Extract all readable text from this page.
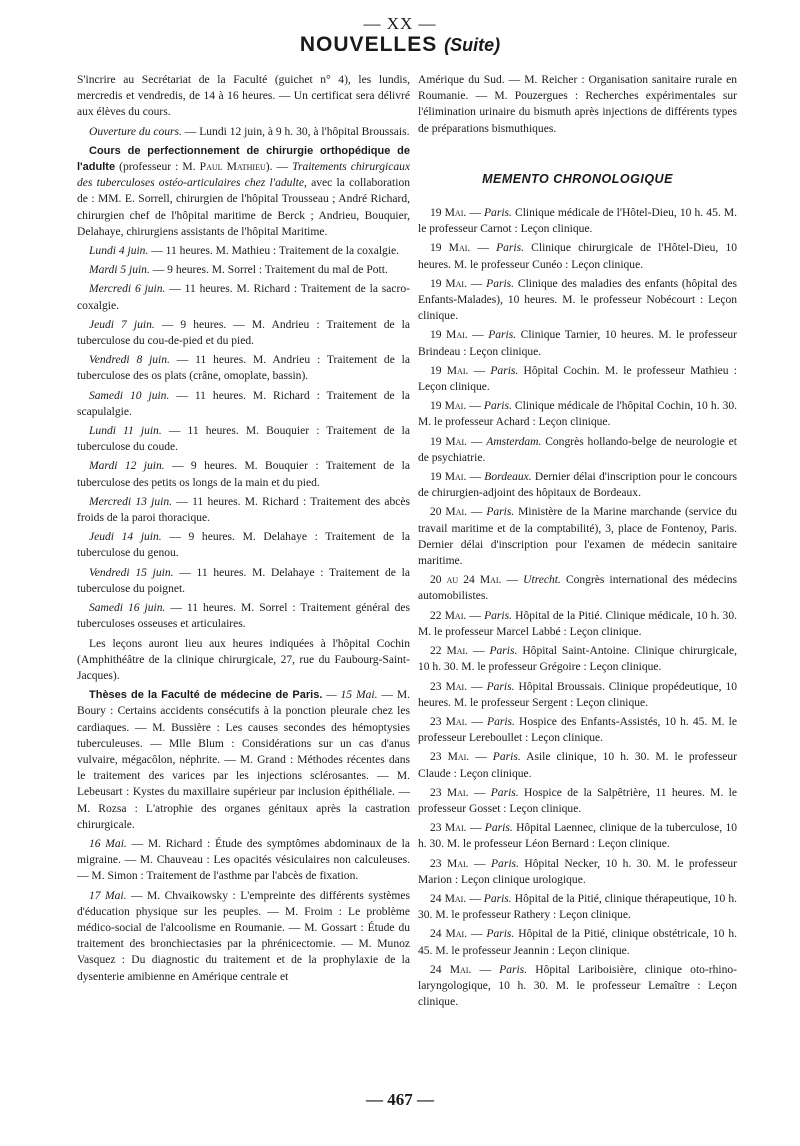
— XX —
NOUVELLES (Suite)

S'incrire au Secrétariat de la Faculté (guichet n° 4), les lundis, mercredis et vendredis, de 14 à 16 heures. — Un certificat sera délivré aux élèves du cours.

Ouverture du cours. — Lundi 12 juin, à 9 h. 30, à l'hôpital Broussais.

Cours de perfectionnement de chirurgie orthopédique de l'adulte (professeur : M. Paul Mathieu). — Traitements chirurgicaux des tuberculoses ostéo-articulaires chez l'adulte, avec la collaboration de : MM. E. Sorrell, chirurgien de l'hôpital Trousseau ; André Richard, chirurgien chef de l'hôpital maritime de Berck ; Andrieu, Bouquier, Delahaye, chirurgiens assistants de l'hôpital Maritime.

Lundi 4 juin. — 11 heures. M. Mathieu : Traitement de la coxalgie.

Mardi 5 juin. — 9 heures. M. Sorrel : Traitement du mal de Pott.

Mercredi 6 juin. — 11 heures. M. Richard : Traitement de la sacro-coxalgie.

Jeudi 7 juin. — 9 heures. — M. Andrieu : Traitement de la tuberculose du cou-de-pied et du pied.

Vendredi 8 juin. — 11 heures. M. Andrieu : Traitement de la tuberculose des os plats (crâne, omoplate, bassin).

Samedi 10 juin. — 11 heures. M. Richard : Traitement de la scapulalgie.

Lundi 11 juin. — 11 heures. M. Bouquier : Traitement de la tuberculose du coude.

Mardi 12 juin. — 9 heures. M. Bouquier : Traitement de la tuberculose des petits os longs de la main et du pied.

Mercredi 13 juin. — 11 heures. M. Richard : Traitement des abcès froids de la paroi thoracique.

Jeudi 14 juin. — 9 heures. M. Delahaye : Traitement de la tuberculose du genou.

Vendredi 15 juin. — 11 heures. M. Delahaye : Traitement de la tuberculose du poignet.

Samedi 16 juin. — 11 heures. M. Sorrel : Traitement général des tuberculoses osseuses et articulaires.

Les leçons auront lieu aux heures indiquées à l'hôpital Cochin (Amphithéâtre de la clinique chirurgicale, 27, rue du Faubourg-Saint-Jacques).

Thèses de la Faculté de médecine de Paris. — 15 Mai. — M. Boury : Certains accidents consécutifs à la ponction pleurale chez les cardiaques. — M. Bussière : Les causes secondes des hémoptysies tuberculeuses. — Mlle Blum : Considérations sur un cas d'anus vulvaire, mégacôlon, néphrite. — M. Grand : Méthodes récentes dans le traitement des varices par les injections sclérosantes. — M. Lebeusart : Kystes du maxillaire supérieur par inclusion épithéliale. — M. Rozsa : L'atrophie des organes génitaux après la castration chirurgicale.

16 Mai. — M. Richard : Étude des symptômes abdominaux de la migraine. — M. Chauveau : Les opacités vésiculaires non calculeuses. — M. Simon : Traitement de l'asthme par l'abcès de fixation.

17 Mai. — M. Chvaikowsky : L'empreinte des différents systèmes d'éducation physique sur les peuples. — M. Froim : Le problème médico-social de l'alcoolisme en Roumanie. — M. Gossart : Étude du traitement des bronchiectasies par la phrénicectomie. — M. Munoz Vasquez : Du diagnostic du traitement et de la prophylaxie de la dysenterie amibienne en Amérique centrale et

Amérique du Sud. — M. Reicher : Organisation sanitaire rurale en Roumanie. — M. Pouzergues : Recherches expérimentales sur l'élimination urinaire du bismuth après injections de différents types de préparations bismuthiques.

MEMENTO CHRONOLOGIQUE

19 Mai. — Paris. Clinique médicale de l'Hôtel-Dieu, 10 h. 45. M. le professeur Carnot : Leçon clinique.

19 Mai. — Paris. Clinique chirurgicale de l'Hôtel-Dieu, 10 heures. M. le professeur Cunéo : Leçon clinique.

19 Mai. — Paris. Clinique des maladies des enfants (hôpital des Enfants-Malades), 10 heures. M. le professeur Nobécourt : Leçon clinique.

19 Mai. — Paris. Clinique Tarnier, 10 heures. M. le professeur Brindeau : Leçon clinique.

19 Mai. — Paris. Hôpital Cochin. M. le professeur Mathieu : Leçon clinique.

19 Mai. — Paris. Clinique médicale de l'hôpital Cochin, 10 h. 30. M. le professeur Achard : Leçon clinique.

19 Mai. — Amsterdam. Congrès hollando-belge de neurologie et de psychiatrie.

19 Mai. — Bordeaux. Dernier délai d'inscription pour le concours de chirurgien-adjoint des hôpitaux de Bordeaux.

20 Mai. — Paris. Ministère de la Marine marchande (service du travail maritime et de la comptabilité), 3, place de Fontenoy, Paris. Dernier délai d'inscription pour l'examen de médecin sanitaire maritime.

20 au 24 Mai. — Utrecht. Congrès international des médecins automobilistes.

22 Mai. — Paris. Hôpital de la Pitié. Clinique médicale, 10 h. 30. M. le professeur Marcel Labbé : Leçon clinique.

22 Mai. — Paris. Hôpital Saint-Antoine. Clinique chirurgicale, 10 h. 30. M. le professeur Grégoire : Leçon clinique.

23 Mai. — Paris. Hôpital Broussais. Clinique propédeutique, 10 heures. M. le professeur Sergent : Leçon clinique.

23 Mai. — Paris. Hospice des Enfants-Assistés, 10 h. 45. M. le professeur Lereboullet : Leçon clinique.

23 Mai. — Paris. Asile clinique, 10 h. 30. M. le professeur Claude : Leçon clinique.

23 Mai. — Paris. Hospice de la Salpêtrière, 11 heures. M. le professeur Gosset : Leçon clinique.

23 Mai. — Paris. Hôpital Laennec, clinique de la tuberculose, 10 h. 30. M. le professeur Léon Bernard : Leçon clinique.

23 Mai. — Paris. Hôpital Necker, 10 h. 30. M. le professeur Marion : Leçon clinique urologique.

24 Mai. — Paris. Hôpital de la Pitié, clinique thérapeutique, 10 h. 30. M. le professeur Rathery : Leçon clinique.

24 Mai. — Paris. Hôpital de la Pitié, clinique obstétricale, 10 h. 45. M. le professeur Jeannin : Leçon clinique.

24 Mai. — Paris. Hôpital Lariboisière, clinique oto-rhino-laryngologique, 10 h. 30. M. le professeur Lemaître : Leçon clinique.

— 467 —
